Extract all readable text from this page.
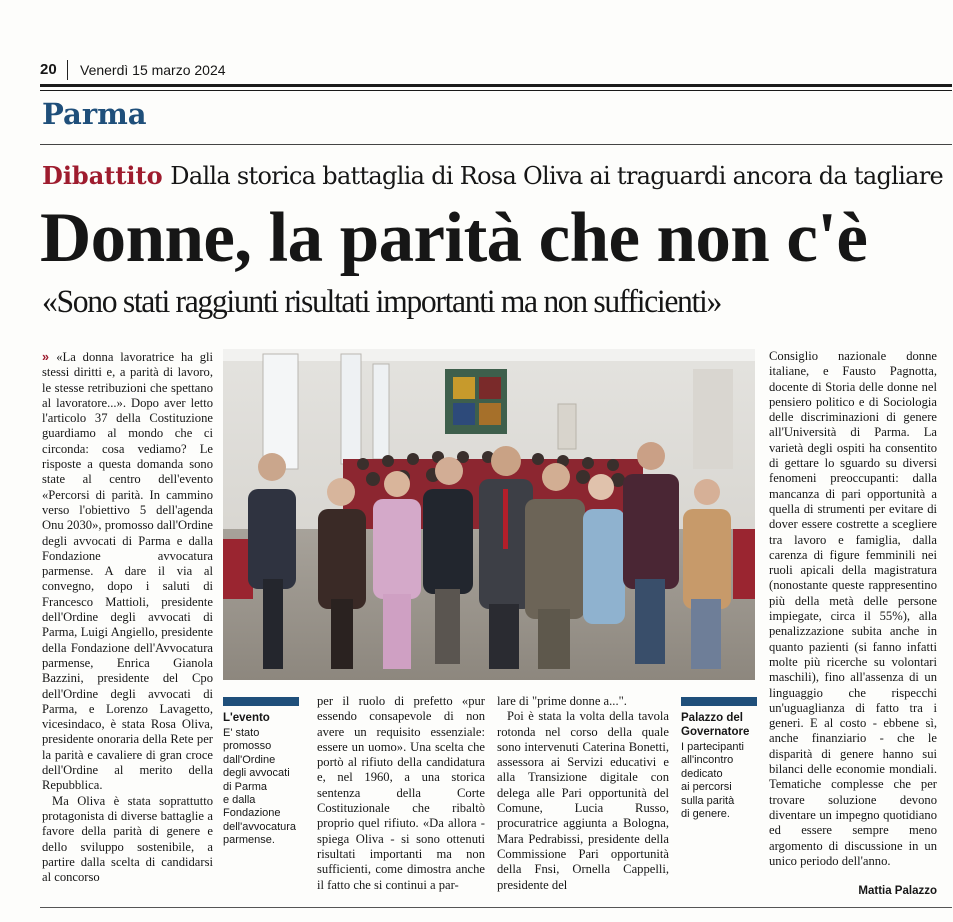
20 Venerdì 15 marzo 2024
Parma
Dibattito Dalla storica battaglia di Rosa Oliva ai traguardi ancora da tagliare
Donne, la parità che non c'è
«Sono stati raggiunti risultati importanti ma non sufficienti»

» «La donna lavoratrice ha gli stessi diritti e, a parità di lavoro, le stesse retribuzioni che spettano al lavoratore...». Dopo aver letto l'articolo 37 della Costituzione guardiamo al mondo che ci circonda: cosa vediamo? Le risposte a questa domanda sono state al centro dell'evento «Percorsi di parità. In cammino verso l'obiettivo 5 dell'agenda Onu 2030», promosso dall'Ordine degli avvocati di Parma e dalla Fondazione avvocatura parmense. A dare il via al convegno, dopo i saluti di Francesco Mattioli, presidente dell'Ordine degli avvocati di Parma, Luigi Angiello, presidente della Fondazione dell'Avvocatura parmense, Enrica Gianola Bazzini, presidente del Cpo dell'Ordine degli avvocati di Parma, e Lorenzo Lavagetto, vicesindaco, è stata Rosa Oliva, presidente onoraria della Rete per la parità e cavaliere di gran croce dell'Ordine al merito della Repubblica.

Ma Oliva è stata soprattutto protagonista di diverse battaglie a favore della parità di genere e dello sviluppo sostenibile, a partire dalla scelta di candidarsi al concorso

L'evento
E' stato
promosso
dall'Ordine
degli avvocati
di Parma
e dalla
Fondazione
dell'avvocatura
parmense.

per il ruolo di prefetto «pur essendo consapevole di non avere un requisito essenziale: essere un uomo». Una scelta che portò al rifiuto della candidatura e, nel 1960, a una storica sentenza della Corte Costituzionale che ribaltò proprio quel rifiuto. «Da allora - spiega Oliva - si sono ottenuti risultati importanti ma non sufficienti, come dimostra anche il fatto che si continui a par-

lare di "prime donne a...".

Poi è stata la volta della tavola rotonda nel corso della quale sono intervenuti Caterina Bonetti, assessora ai Servizi educativi e alla Transizione digitale con delega alle Pari opportunità del Comune, Lucia Russo, procuratrice aggiunta a Bologna, Mara Pedrabissi, presidente della Commissione Pari opportunità della Fnsi, Ornella Cappelli, presidente del

Palazzo del
Governatore
I partecipanti
all'incontro
dedicato
ai percorsi
sulla parità
di genere.

Consiglio nazionale donne italiane, e Fausto Pagnotta, docente di Storia delle donne nel pensiero politico e di Sociologia delle discriminazioni di genere all'Università di Parma. La varietà degli ospiti ha consentito di gettare lo sguardo su diversi fenomeni preoccupanti: dalla mancanza di pari opportunità a quella di strumenti per evitare di dover essere costrette a scegliere tra lavoro e famiglia, dalla carenza di figure femminili nei ruoli apicali della magistratura (nonostante queste rappresentino più della metà delle persone impiegate, circa il 55%), alla penalizzazione subita anche in quanto pazienti (si fanno infatti molte più ricerche su volontari maschili), fino all'assenza di un linguaggio che rispecchi un'uguaglianza di fatto tra i generi. E al costo - ebbene sì, anche finanziario - che le disparità di genere hanno sui bilanci delle economie mondiali. Tematiche complesse che per trovare soluzione devono diventare un impegno quotidiano ed essere sempre meno argomento di discussione in un unico periodo dell'anno.

Mattia Palazzo
